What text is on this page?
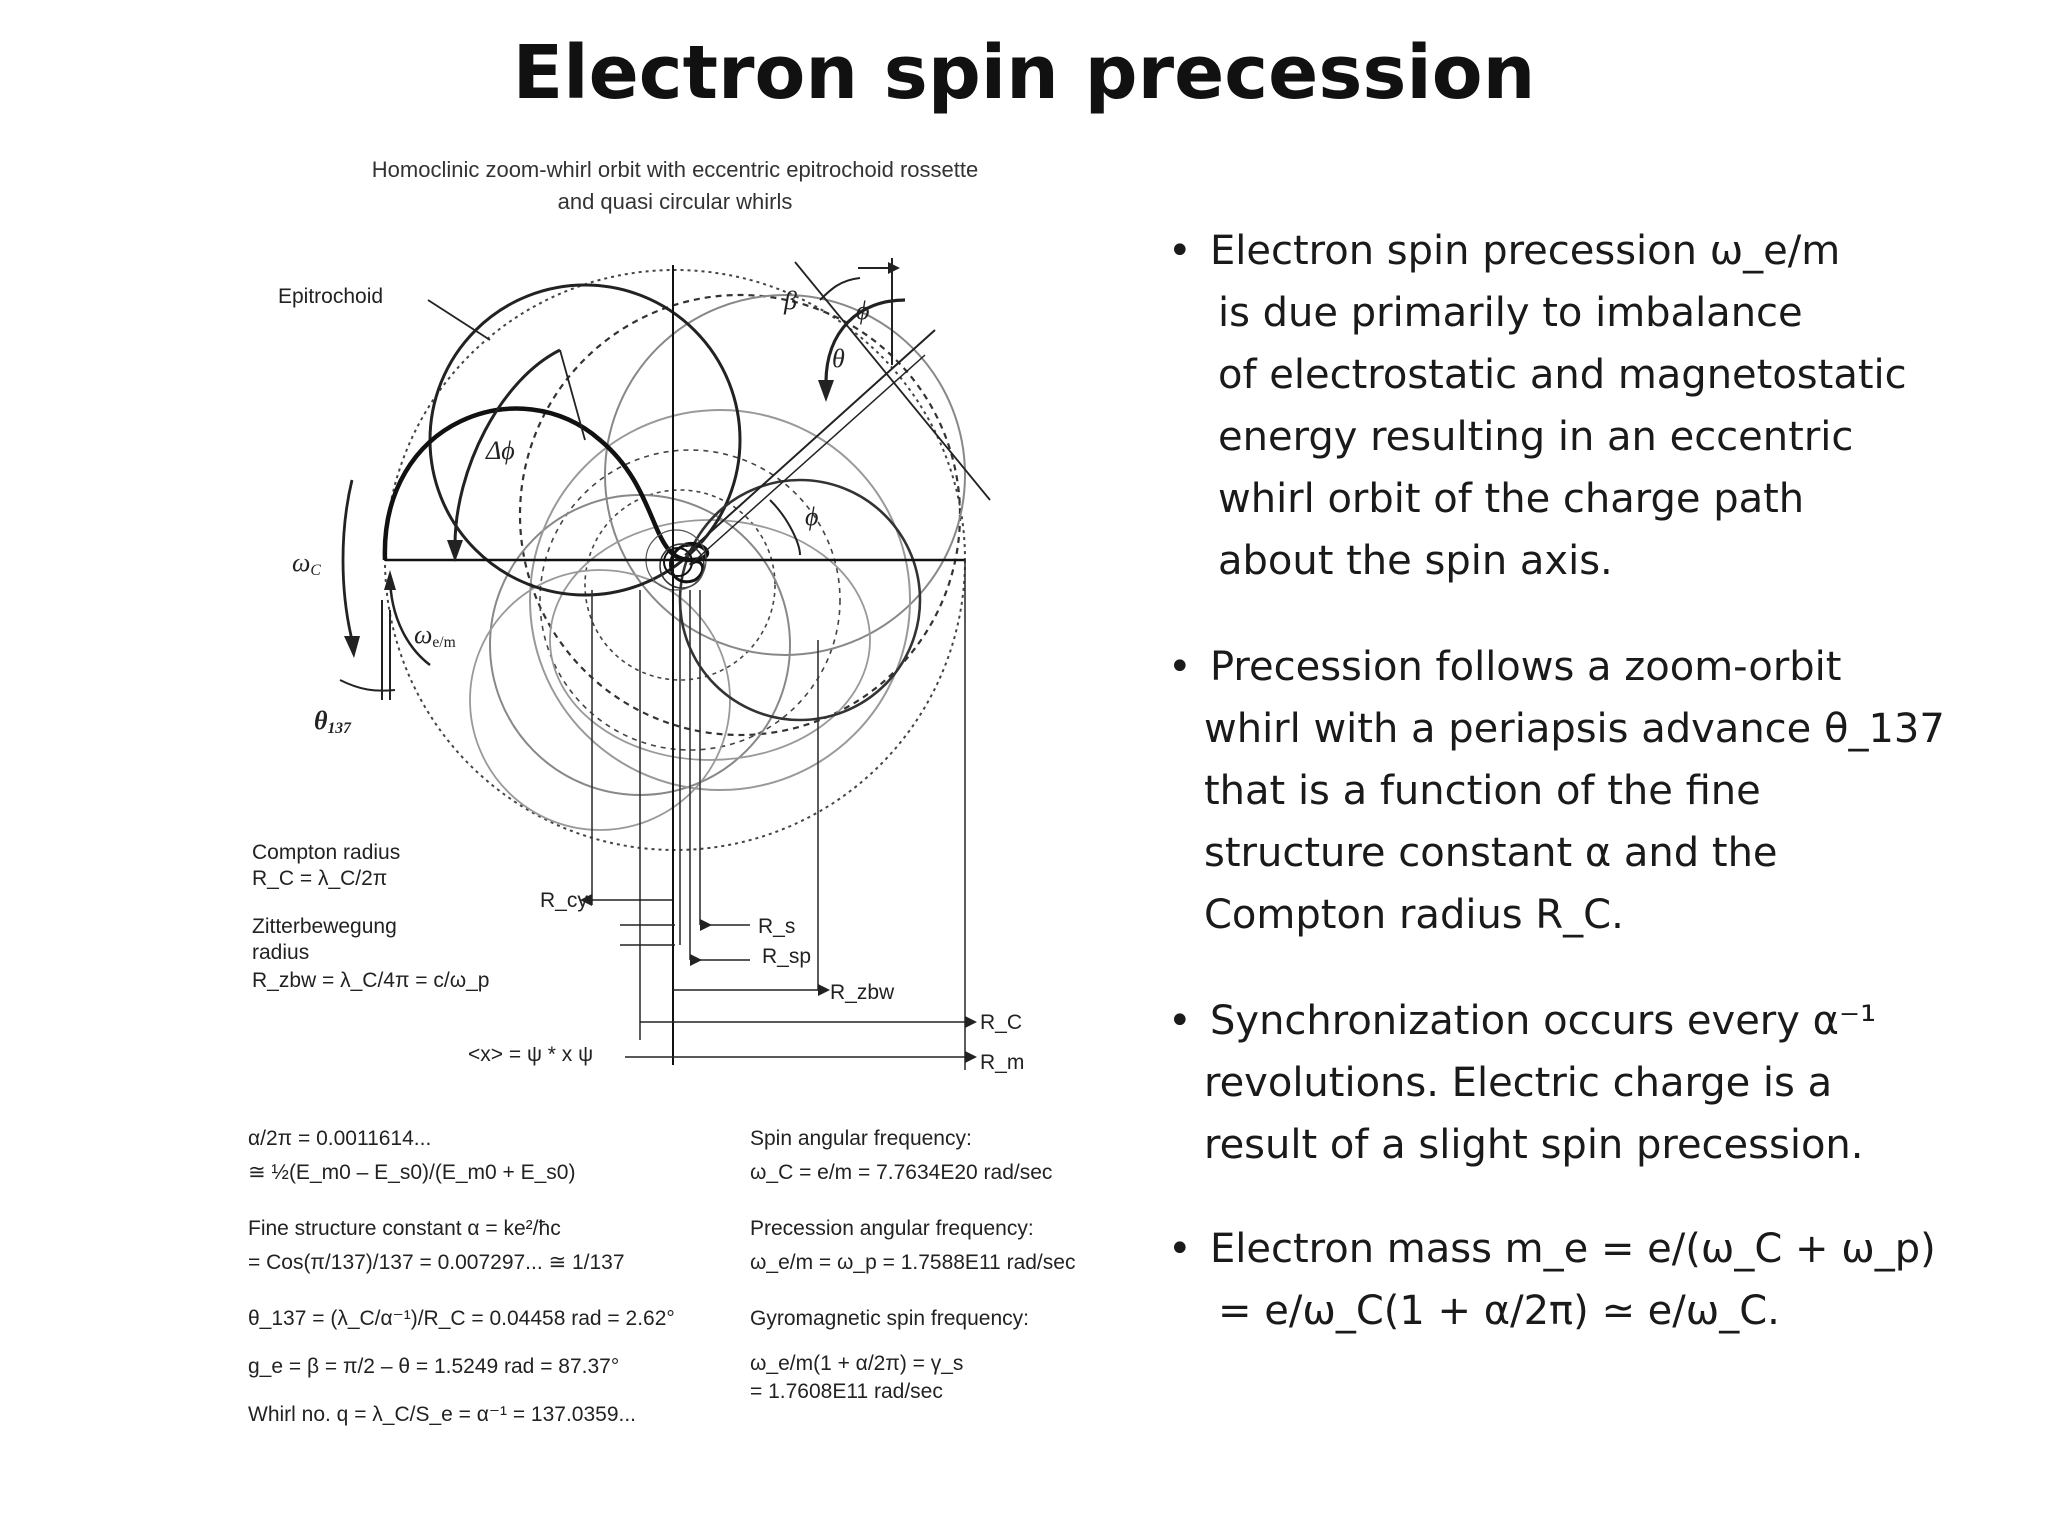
Electron spin precession
Homoclinic zoom-whirl orbit with eccentric epitrochoid rossette
and quasi circular whirls
Epitrochoid	β ϕ
θ
Δϕ
ϕ
$\omega_C$
$\omega_{e/m}$
$\theta_{137}$
Compton radius
R_C = λ_C/2π
Zitterbewegung
radius
R_zbw = λ_C/4π = c/ω_p
<x> = ψ * x ψ
R_cy
R_s
R_sp
R_zbw
R_C
R_m
α/2π = 0.0011614...
≅ ½(E_m0 – E_s0)/(E_m0 + E_s0)
Fine structure constant α = ke²/ħc
= Cos(π/137)/137 = 0.007297... ≅ 1/137
θ_137 = (λ_C/α⁻¹)/R_C = 0.04458 rad = 2.62°
g_e = β = π/2 – θ = 1.5249 rad = 87.37°
Whirl no. q = λ_C/S_e = α⁻¹ = 137.0359...
Spin angular frequency:
ω_C = e/m = 7.7634E20 rad/sec
Precession angular frequency:
ω_e/m = ω_p = 1.7588E11 rad/sec
Gyromagnetic spin frequency:
ω_e/m(1 + α/2π) = γ_s
= 1.7608E11 rad/sec
• Electron spin precession ω_e/m
is due primarily to imbalance
of electrostatic and magnetostatic
energy resulting in an eccentric
whirl orbit of the charge path
about the spin axis.
• Precession follows a zoom-orbit
whirl with a periapsis advance θ_137
that is a function of the fine
structure constant α and the
Compton radius R_C.
• Synchronization occurs every α⁻¹
revolutions. Electric charge is a
result of a slight spin precession.
• Electron mass m_e = e/(ω_C + ω_p)
= e/ω_C(1 + α/2π) ≃ e/ω_C.
